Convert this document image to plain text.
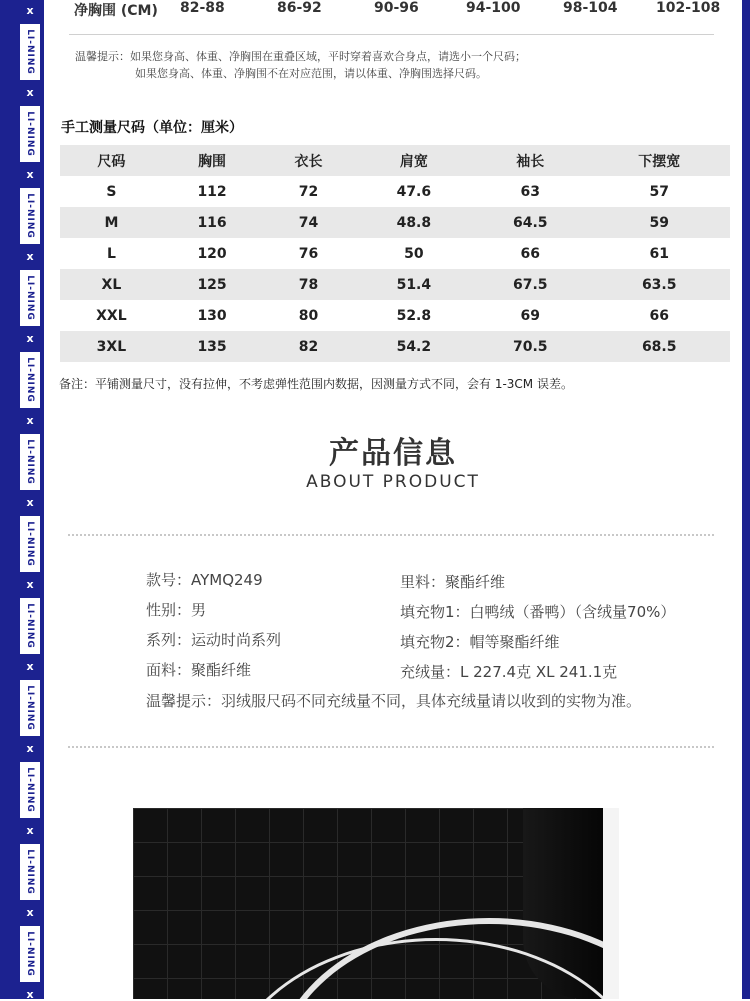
x
LI-NING
x
LI-NING
x
LI-NING
x
LI-NING
x
LI-NING
x
LI-NING
x
LI-NING
x
LI-NING
x
LI-NING
x
LI-NING
x
LI-NING
x
LI-NING
x
净胸围 (CM) 82-88	86-92	90-96	94-100	98-104	102-108
温馨提示：如果您身高、体重、净胸围在重叠区域，平时穿着喜欢合身点，请选小一个尺码；
如果您身高、体重、净胸围不在对应范围，请以体重、净胸围选择尺码。
手工测量尺码（单位：厘米）
尺码	胸围	衣长	肩宽	袖长	下摆宽
S	112	72	47.6	63	57
M	116	74	48.8	64.5	59
L	120	76	50	66	61
XL	125	78	51.4	67.5	63.5
XXL	130	80	52.8	69	66
3XL	135	82	54.2	70.5	68.5
备注：平铺测量尺寸，没有拉伸，不考虑弹性范围内数据，因测量方式不同，会有 1-3CM 误差。
产品信息
ABOUT PRODUCT
款号：AYMQ249
性别：男
系列：运动时尚系列
面料：聚酯纤维
里料：聚酯纤维
填充物1：白鸭绒（番鸭）（含绒量70%）
填充物2：帽等聚酯纤维
充绒量：L 227.4克 XL 241.1克
温馨提示：羽绒服尺码不同充绒量不同，具体充绒量请以收到的实物为准。
